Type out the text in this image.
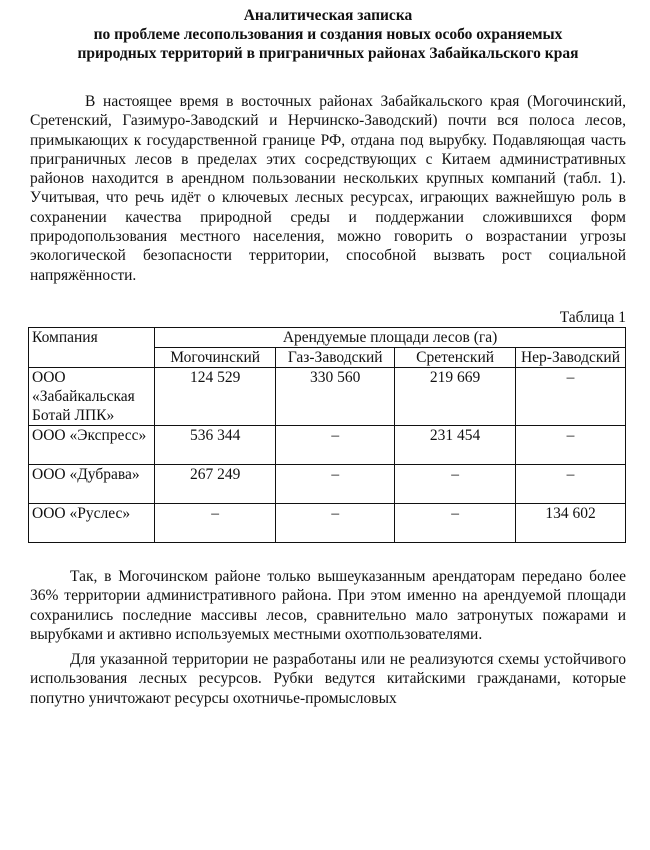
Аналитическая записка
по проблеме лесопользования и создания новых особо охраняемых
природных территорий в приграничных районах Забайкальского края

В настоящее время в восточных районах Забайкальского края (Могочинский, Сретенский, Газимуро-Заводский и Нерчинско-Заводский) почти вся полоса лесов, примыкающих к государственной границе РФ, отдана под вырубку. Подавляющая часть приграничных лесов в пределах этих сосредствующих с Китаем административных районов находится в арендном пользовании нескольких крупных компаний (табл. 1). Учитывая, что речь идёт о ключевых лесных ресурсах, играющих важнейшую роль в сохранении качества природной среды и поддержании сложившихся форм природопользования местного населения, можно говорить о возрастании угрозы экологической безопасности территории, способной вызвать рост социальной напряжённости.

Таблица 1
Компания	Арендуемые площади лесов (га)			
	Могочинский	Газ-Заводский	Сретенский	Нер-Заводский
ООО «Забайкальская Ботай ЛПК»	124 529	330 560	219 669	–
ООО «Экспресс»	536 344	–	231 454	–
ООО «Дубрава»	267 249	–	–	–
ООО «Руслес»	–	–	–	134 602

Так, в Могочинском районе только вышеуказанным арендаторам передано более 36% территории административного района. При этом именно на арендуемой площади сохранились последние массивы лесов, сравнительно мало затронутых пожарами и вырубками и активно используемых местными охотпользователями.

Для указанной территории не разработаны или не реализуются схемы устойчивого использования лесных ресурсов. Рубки ведутся китайскими гражданами, которые попутно уничтожают ресурсы охотничье-промысловых
